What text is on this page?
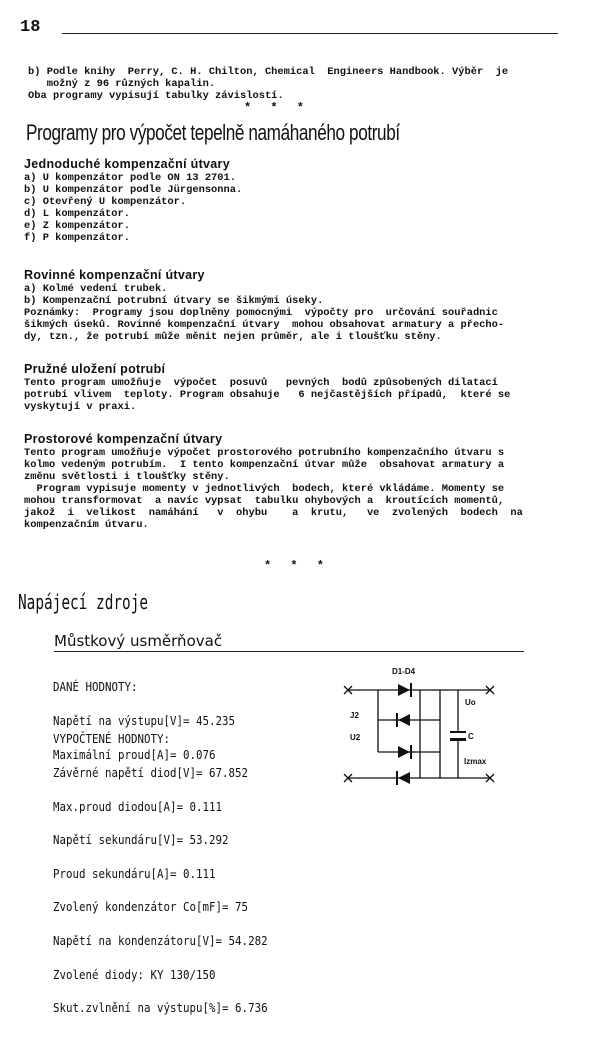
18
b) Podle knihy  Perry, C. H. Chilton, Chemical  Engineers Handbook. Výběr  je
možný z 96 různých kapalin.
Oba programy vypisují tabulky závislostí.
* * *
Programy pro výpočet tepelně namáhaného potrubí
Jednoduché kompenzační útvary
a) U kompenzátor podle ON 13 2701.
b) U kompenzátor podle Jürgensonna.
c) Otevřený U kompenzátor.
d) L kompenzátor.
e) Z kompenzátor.
f) P kompenzátor.
Rovinné kompenzační útvary
a) Kolmé vedení trubek.
b) Kompenzační potrubní útvary se šikmými úseky.
Poznámky:  Programy jsou doplněny pomocnými  výpočty pro  určování souřadnic
šikmých úseků. Rovinné kompenzační útvary  mohou obsahovat armatury a přecho-
dy, tzn., že potrubí může měnit nejen průměr, ale i tloušťku stěny.
Pružné uložení potrubí
Tento program umožňuje  výpočet  posuvů   pevných  bodů způsobených dilatací
potrubí vlivem  teploty. Program obsahuje   6 nejčastějších případů,  které se
vyskytují v praxi.
Prostorové kompenzační útvary
Tento program umožňuje výpočet prostorového potrubního kompenzačního útvaru s
kolmo vedeným potrubím.  I tento kompenzační útvar může  obsahovat armatury a
změnu světlosti i tloušťky stěny.
Program vypisuje momenty v jednotlivých  bodech, které vkládáme. Momenty se
mohou transformovat  a navíc vypsat  tabulku ohybových a  kroutících momentů,
jakož  i  velikost  namáhání   v  ohybu    a  krutu,   ve  zvolených  bodech  na
kompenzačním útvaru.
* * *
Napájecí zdroje
Můstkový usměrňovač

DANÉ HODNOTY:

Napětí na výstupu[V]= 45.235

Maximální proud[A]= 0.076

VYPOČTENÉ HODNOTY:

Závěrné napětí diod[V]= 67.852

Max.proud diodou[A]= 0.111

Napětí sekundáru[V]= 53.292

Proud sekundáru[A]= 0.111

Zvolený kondenzátor Co[mF]= 75

Napětí na kondenzátoru[V]= 54.282

Zvolené diody: KY 130/150

Skut.zvlnění na výstupu[%]= 6.736

D1-D4
J2
U2
Uo
C
Izmax
